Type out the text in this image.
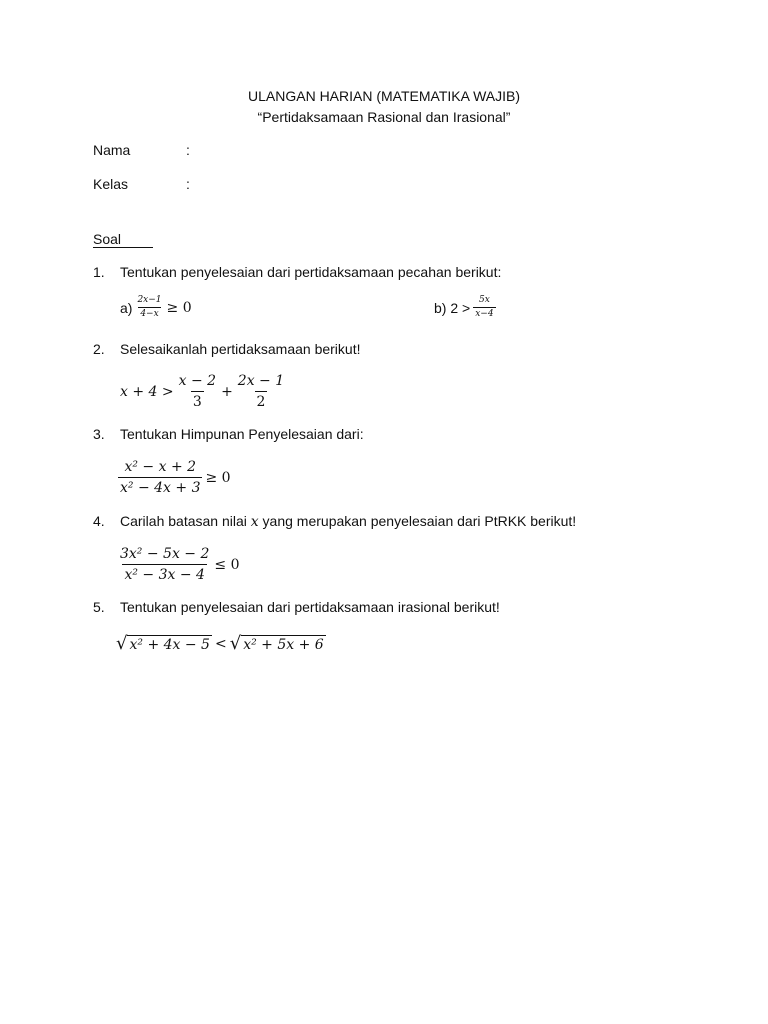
ULANGAN HARIAN (MATEMATIKA WAJIB)
“Pertidaksamaan Rasional dan Irasional”
Nama	:
Kelas	:
Soal
1. Tentukan penyelesaian dari pertidaksamaan pecahan berikut:
$a) \frac{2x-1}{4-x} \ge 0$	b) $2 > \frac{5x}{x-4}$
2. Selesaikanlah pertidaksamaan berikut!
$x + 4 > \frac{x - 2}{3} + \frac{2x - 1}{2}$
3. Tentukan Himpunan Penyelesaian dari:
$\frac{\text{x² − x + 2}}{\text{x² − 4x + 3}} \ge 0$
4. Carilah batasan nilai x yang merupakan penyelesaian dari PtRKK berikut!
$\frac{\text{3x² − 5x − 2}}{\text{x² − 3x − 4}} \le 0$
5. Tentukan penyelesaian dari pertidaksamaan irasional berikut!
√ x² + 4x − 5 < √ x² + 5x + 6
